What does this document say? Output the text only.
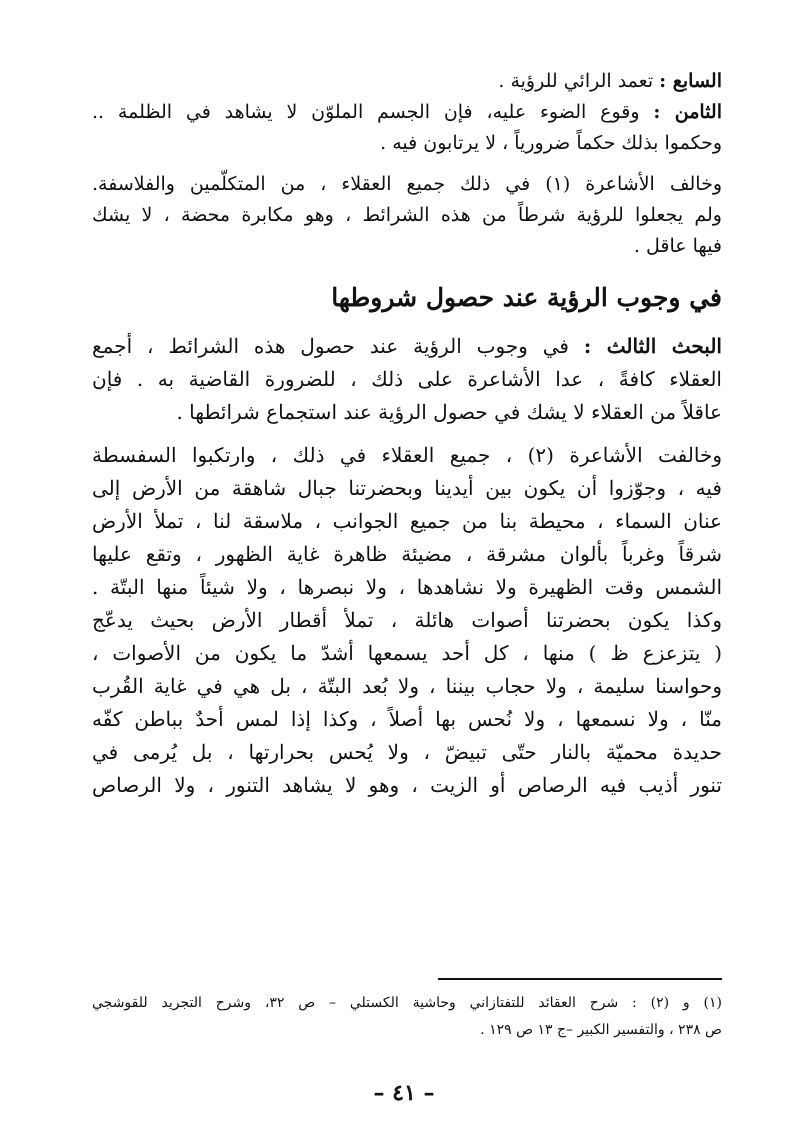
السابع : تعمد الرائي للرؤية .

الثامن : وقوع الضوء عليه، فإن الجسم الملوّن لا يشاهد في الظلمة ..

وحكموا بذلك حكماً ضرورياً ، لا يرتابون فيه .

وخالف الأشاعرة (١) في ذلك جميع العقلاء ، من المتكلّمين والفلاسفة.

ولم يجعلوا للرؤية شرطاً من هذه الشرائط ، وهو مكابرة محضة ، لا يشك

فيها عاقل .

في وجوب الرؤية عند حصول شروطها

البحث الثالث : في وجوب الرؤية عند حصول هذه الشرائط ، أجمع

العقلاء كافةً ، عدا الأشاعرة على ذلك ، للضرورة القاضية به . فإن

عاقلاً من العقلاء لا يشك في حصول الرؤية عند استجماع شرائطها .

وخالفت الأشاعرة (٢) ، جميع العقلاء في ذلك ، وارتكبوا السفسطة

فيه ، وجوّزوا أن يكون بين أيدينا وبحضرتنا جبال شاهقة من الأرض إلى

عنان السماء ، محيطة بنا من جميع الجوانب ، ملاسقة لنا ، تملأ الأرض

شرقاً وغرباً بألوان مشرقة ، مضيئة ظاهرة غاية الظهور ، وتقع عليها

الشمس وقت الظهيرة ولا نشاهدها ، ولا نبصرها ، ولا شيئاً منها البتّة .

وكذا يكون بحضرتنا أصوات هائلة ، تملأ أقطار الأرض بحيث يدعّج

( يتزعزع ظ ) منها ، كل أحد يسمعها أشدّ ما يكون من الأصوات ،

وحواسنا سليمة ، ولا حجاب بيننا ، ولا بُعد البتّة ، بل هي في غاية القُرب

منّا ، ولا نسمعها ، ولا نُحس بها أصلاً ، وكذا إذا لمس أحدٌ بباطن كفّه

حديدة محميّة بالنار حتّى تبيضّ ، ولا يُحس بحرارتها ، بل يُرمى في

تنور أذيب فيه الرصاص أو الزيت ، وهو لا يشاهد التنور ، ولا الرصاص

(١) و (٢) : شرح العقائد للتفتازاني وحاشية الكستلي – ص ٣٢، وشرح التجريد للقوشجي

ص ٢٣٨ ، والتفسير الكبير –ج ١٣ ص ١٢٩ .

– ٤١ –
